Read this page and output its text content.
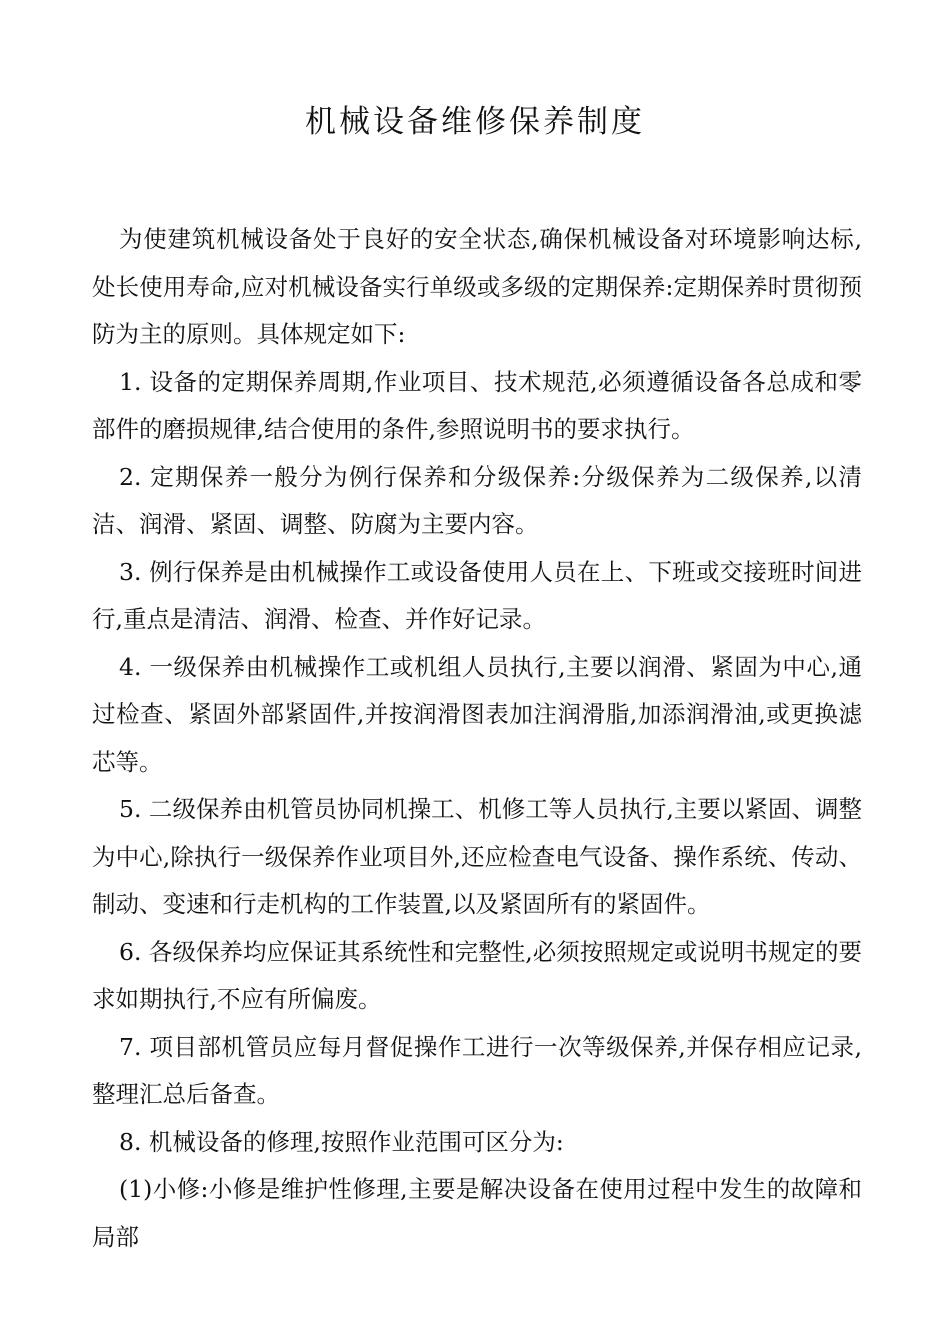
机械设备维修保养制度

为使建筑机械设备处于良好的安全状态,确保机械设备对环境影响达标,处长使用寿命,应对机械设备实行单级或多级的定期保养:定期保养时贯彻预防为主的原则。具体规定如下:

1. 设备的定期保养周期,作业项目、技术规范,必须遵循设备各总成和零部件的磨损规律,结合使用的条件,参照说明书的要求执行。

2. 定期保养一般分为例行保养和分级保养:分级保养为二级保养,以清洁、润滑、紧固、调整、防腐为主要内容。

3. 例行保养是由机械操作工或设备使用人员在上、下班或交接班时间进行,重点是清洁、润滑、检查、并作好记录。

4. 一级保养由机械操作工或机组人员执行,主要以润滑、紧固为中心,通过检查、紧固外部紧固件,并按润滑图表加注润滑脂,加添润滑油,或更换滤芯等。

5. 二级保养由机管员协同机操工、机修工等人员执行,主要以紧固、调整为中心,除执行一级保养作业项目外,还应检查电气设备、操作系统、传动、制动、变速和行走机构的工作装置,以及紧固所有的紧固件。

6. 各级保养均应保证其系统性和完整性,必须按照规定或说明书规定的要求如期执行,不应有所偏废。

7. 项目部机管员应每月督促操作工进行一次等级保养,并保存相应记录,整理汇总后备查。

8. 机械设备的修理,按照作业范围可区分为:

(1)小修:小修是维护性修理,主要是解决设备在使用过程中发生的故障和局部
